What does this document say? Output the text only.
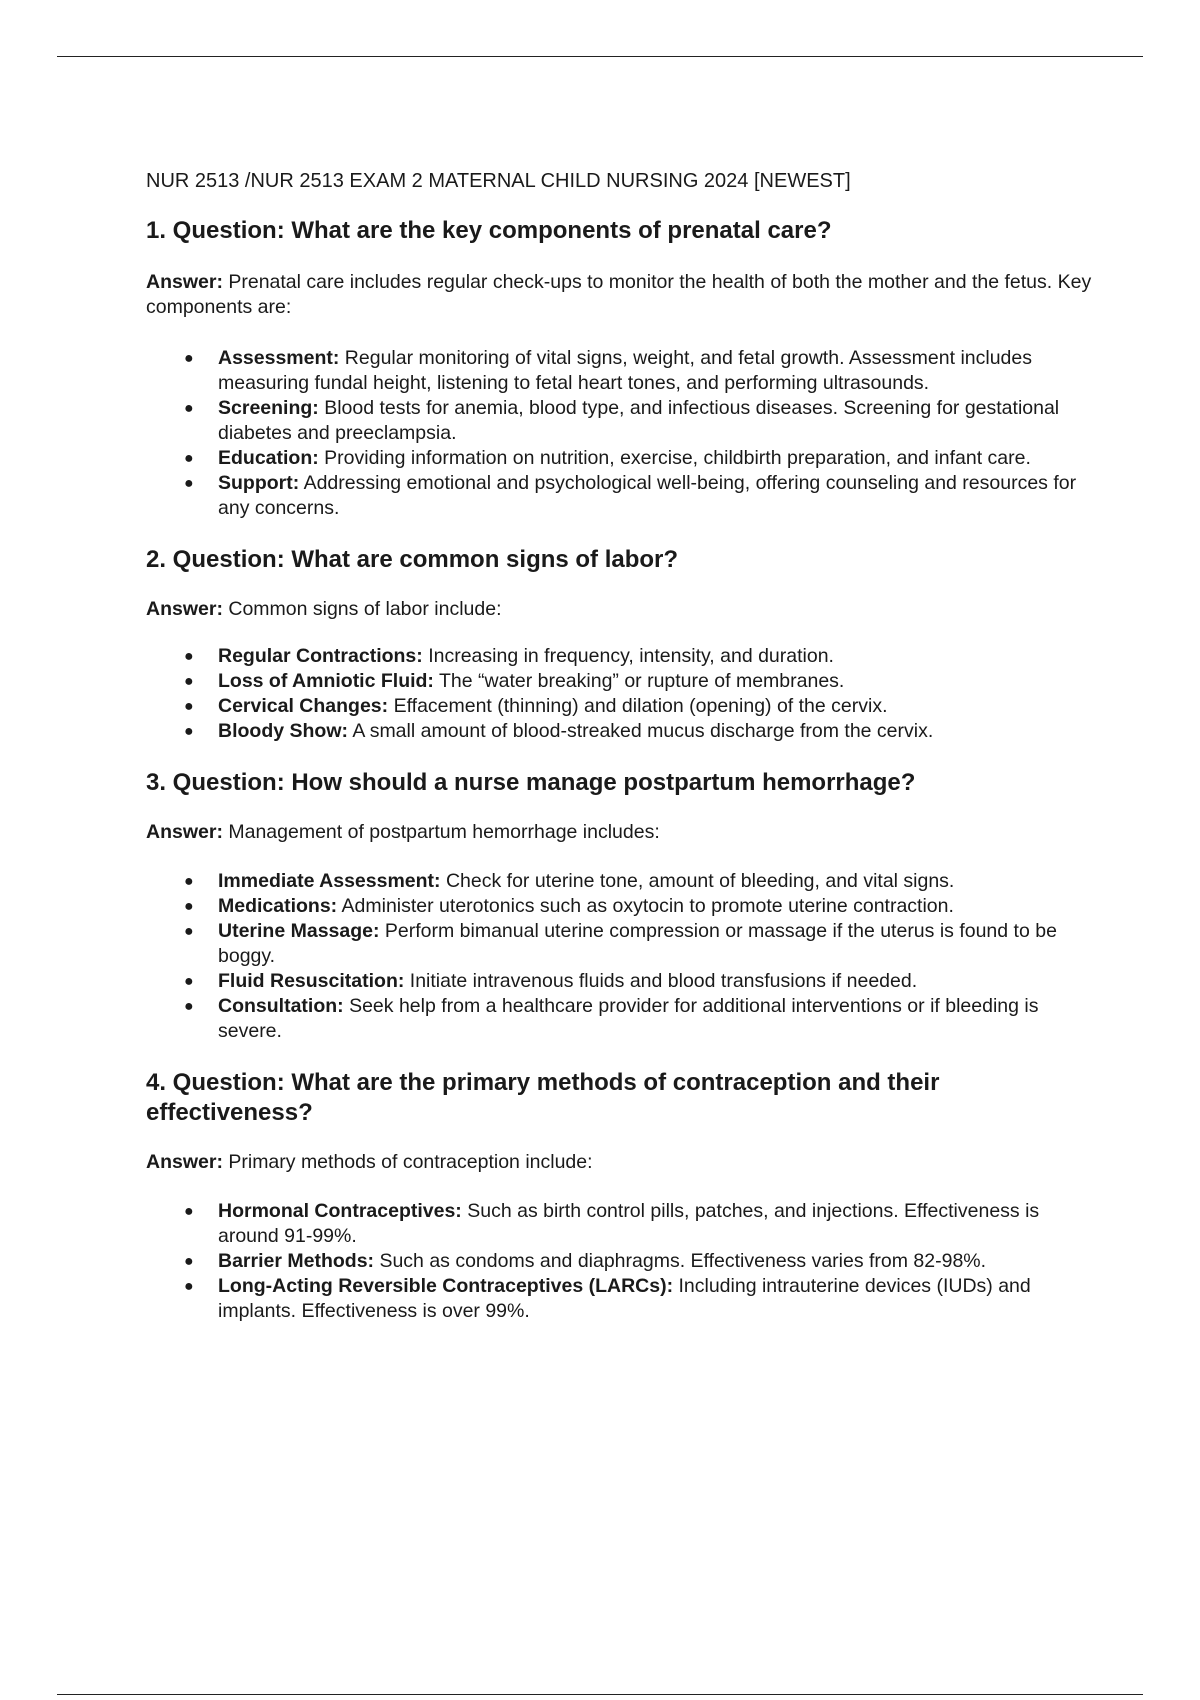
NUR 2513 /NUR 2513 EXAM 2 MATERNAL CHILD NURSING 2024 [NEWEST]

1. Question: What are the key components of prenatal care?

Answer: Prenatal care includes regular check-ups to monitor the health of both the mother and the fetus. Key components are:

● Assessment: Regular monitoring of vital signs, weight, and fetal growth. Assessment includes measuring fundal height, listening to fetal heart tones, and performing ultrasounds.
● Screening: Blood tests for anemia, blood type, and infectious diseases. Screening for gestational diabetes and preeclampsia.
● Education: Providing information on nutrition, exercise, childbirth preparation, and infant care.
● Support: Addressing emotional and psychological well-being, offering counseling and resources for any concerns.
2. Question: What are common signs of labor?

Answer: Common signs of labor include:

● Regular Contractions: Increasing in frequency, intensity, and duration.
● Loss of Amniotic Fluid: The “water breaking” or rupture of membranes.
● Cervical Changes: Effacement (thinning) and dilation (opening) of the cervix.
● Bloody Show: A small amount of blood-streaked mucus discharge from the cervix.
3. Question: How should a nurse manage postpartum hemorrhage?

Answer: Management of postpartum hemorrhage includes:

● Immediate Assessment: Check for uterine tone, amount of bleeding, and vital signs.
● Medications: Administer uterotonics such as oxytocin to promote uterine contraction.
● Uterine Massage: Perform bimanual uterine compression or massage if the uterus is found to be boggy.
● Fluid Resuscitation: Initiate intravenous fluids and blood transfusions if needed.
● Consultation: Seek help from a healthcare provider for additional interventions or if bleeding is severe.
4. Question: What are the primary methods of contraception and their effectiveness?

Answer: Primary methods of contraception include:

● Hormonal Contraceptives: Such as birth control pills, patches, and injections. Effectiveness is around 91-99%.
● Barrier Methods: Such as condoms and diaphragms. Effectiveness varies from 82-98%.
● Long-Acting Reversible Contraceptives (LARCs): Including intrauterine devices (IUDs) and implants. Effectiveness is over 99%.
